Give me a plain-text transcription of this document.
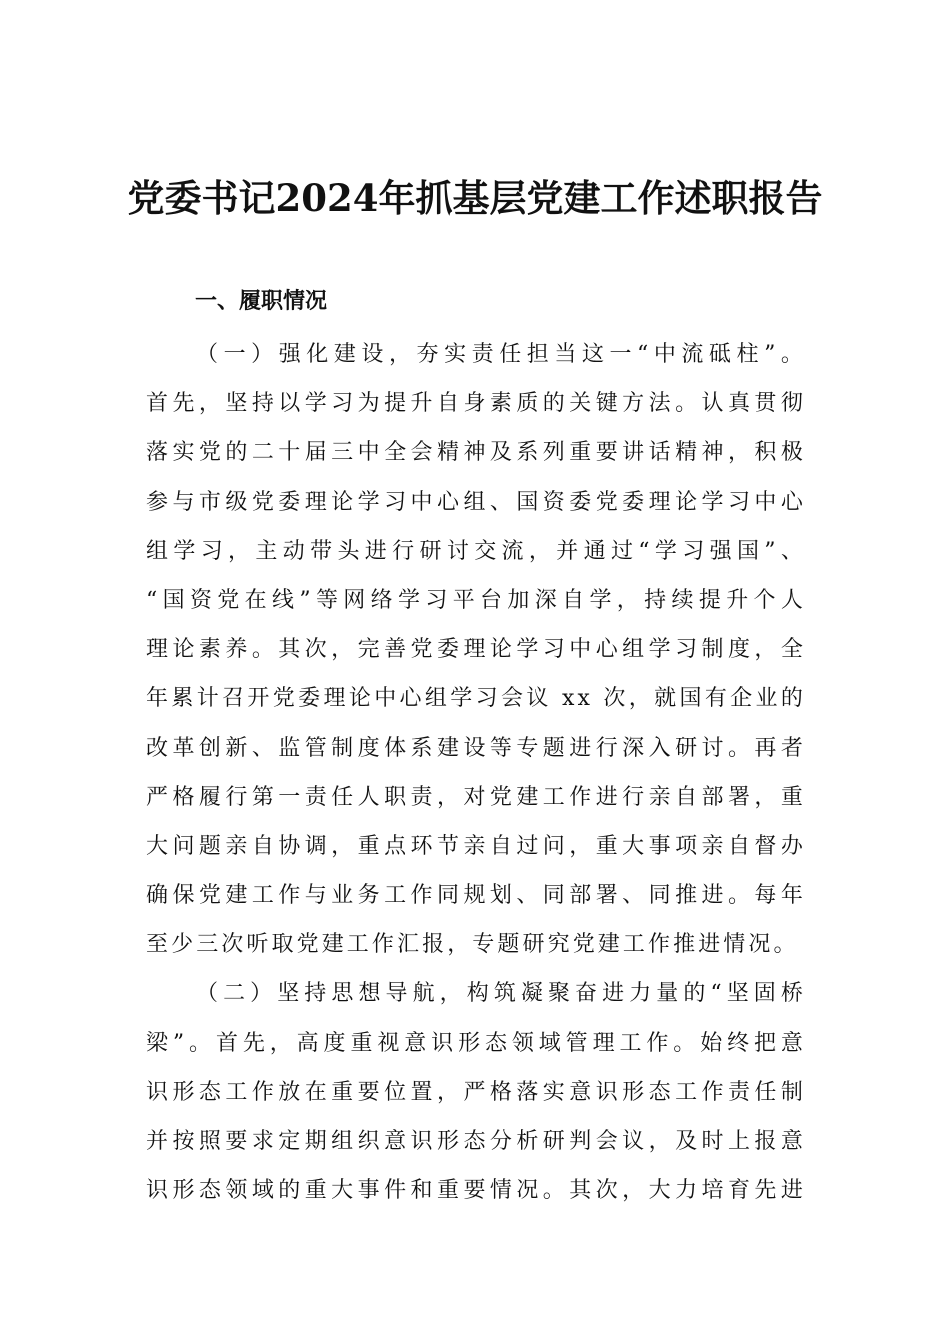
党委书记2024年抓基层党建工作述职报告
一、履职情况
（一）强化建设，夯实责任担当这一“中流砥柱”。
首先，坚持以学习为提升自身素质的关键方法。认真贯彻
落实党的二十届三中全会精神及系列重要讲话精神，积极
参与市级党委理论学习中心组、国资委党委理论学习中心
组学习，主动带头进行研讨交流，并通过“学习强国”、
“国资党在线”等网络学习平台加深自学，持续提升个人
理论素养。其次，完善党委理论学习中心组学习制度，全
年累计召开党委理论中心组学习会议 xx 次，就国有企业的
改革创新、监管制度体系建设等专题进行深入研讨。再者
严格履行第一责任人职责，对党建工作进行亲自部署，重
大问题亲自协调，重点环节亲自过问，重大事项亲自督办
确保党建工作与业务工作同规划、同部署、同推进。每年
至少三次听取党建工作汇报，专题研究党建工作推进情况。
（二）坚持思想导航，构筑凝聚奋进力量的“坚固桥
梁”。首先，高度重视意识形态领域管理工作。始终把意
识形态工作放在重要位置，严格落实意识形态工作责任制
并按照要求定期组织意识形态分析研判会议，及时上报意
识形态领域的重大事件和重要情况。其次，大力培育先进
